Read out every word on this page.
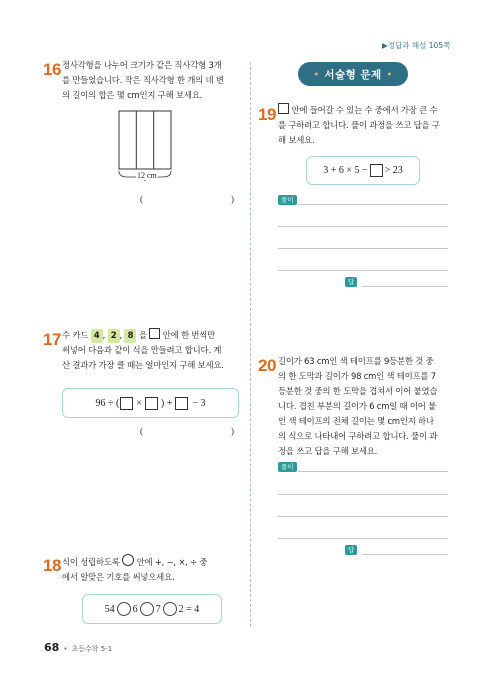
▶정답과 해설 105쪽
16 정사각형을 나누어 크기가 같은 직사각형 3개
를 만들었습니다. 작은 직사각형 한 개의 네 변
의 길이의 합은 몇 cm인지 구해 보세요.
12 cm
(	)
17 수 카드 4 , 2 , 8 을  안에 한 번씩만
써넣어 다음과 같이 식을 만들려고 합니다. 계
산 결과가 가장 클 때는 얼마인지 구해 보세요.
96 ÷ ( × ) + − 3
(	)
18 식이 성립하도록  안에 +, −, ×, ÷ 중
에서 알맞은 기호를 써넣으세요.
54 6 7 2 = 4
• 서술형 문제 •
19	안에 들어갈 수 있는 수 중에서 가장 큰 수
를 구하려고 합니다. 풀이 과정을 쓰고 답을 구
해 보세요.
3 + 6 × 5 − > 23
풀이
답
20 길이가 63 cm인 색 테이프를 9등분한 것 중
의 한 도막과 길이가 98 cm인 색 테이프를 7
등분한 것 중의 한 도막을 겹쳐서 이어 붙였습
니다. 겹친 부분의 길이가 6 cm일 때 이어 붙
인 색 테이프의 전체 길이는 몇 cm인지 하나
의 식으로 나타내어 구하려고 합니다. 풀이 과
정을 쓰고 답을 구해 보세요.
풀이
답
68 • 초등수학 5-1
